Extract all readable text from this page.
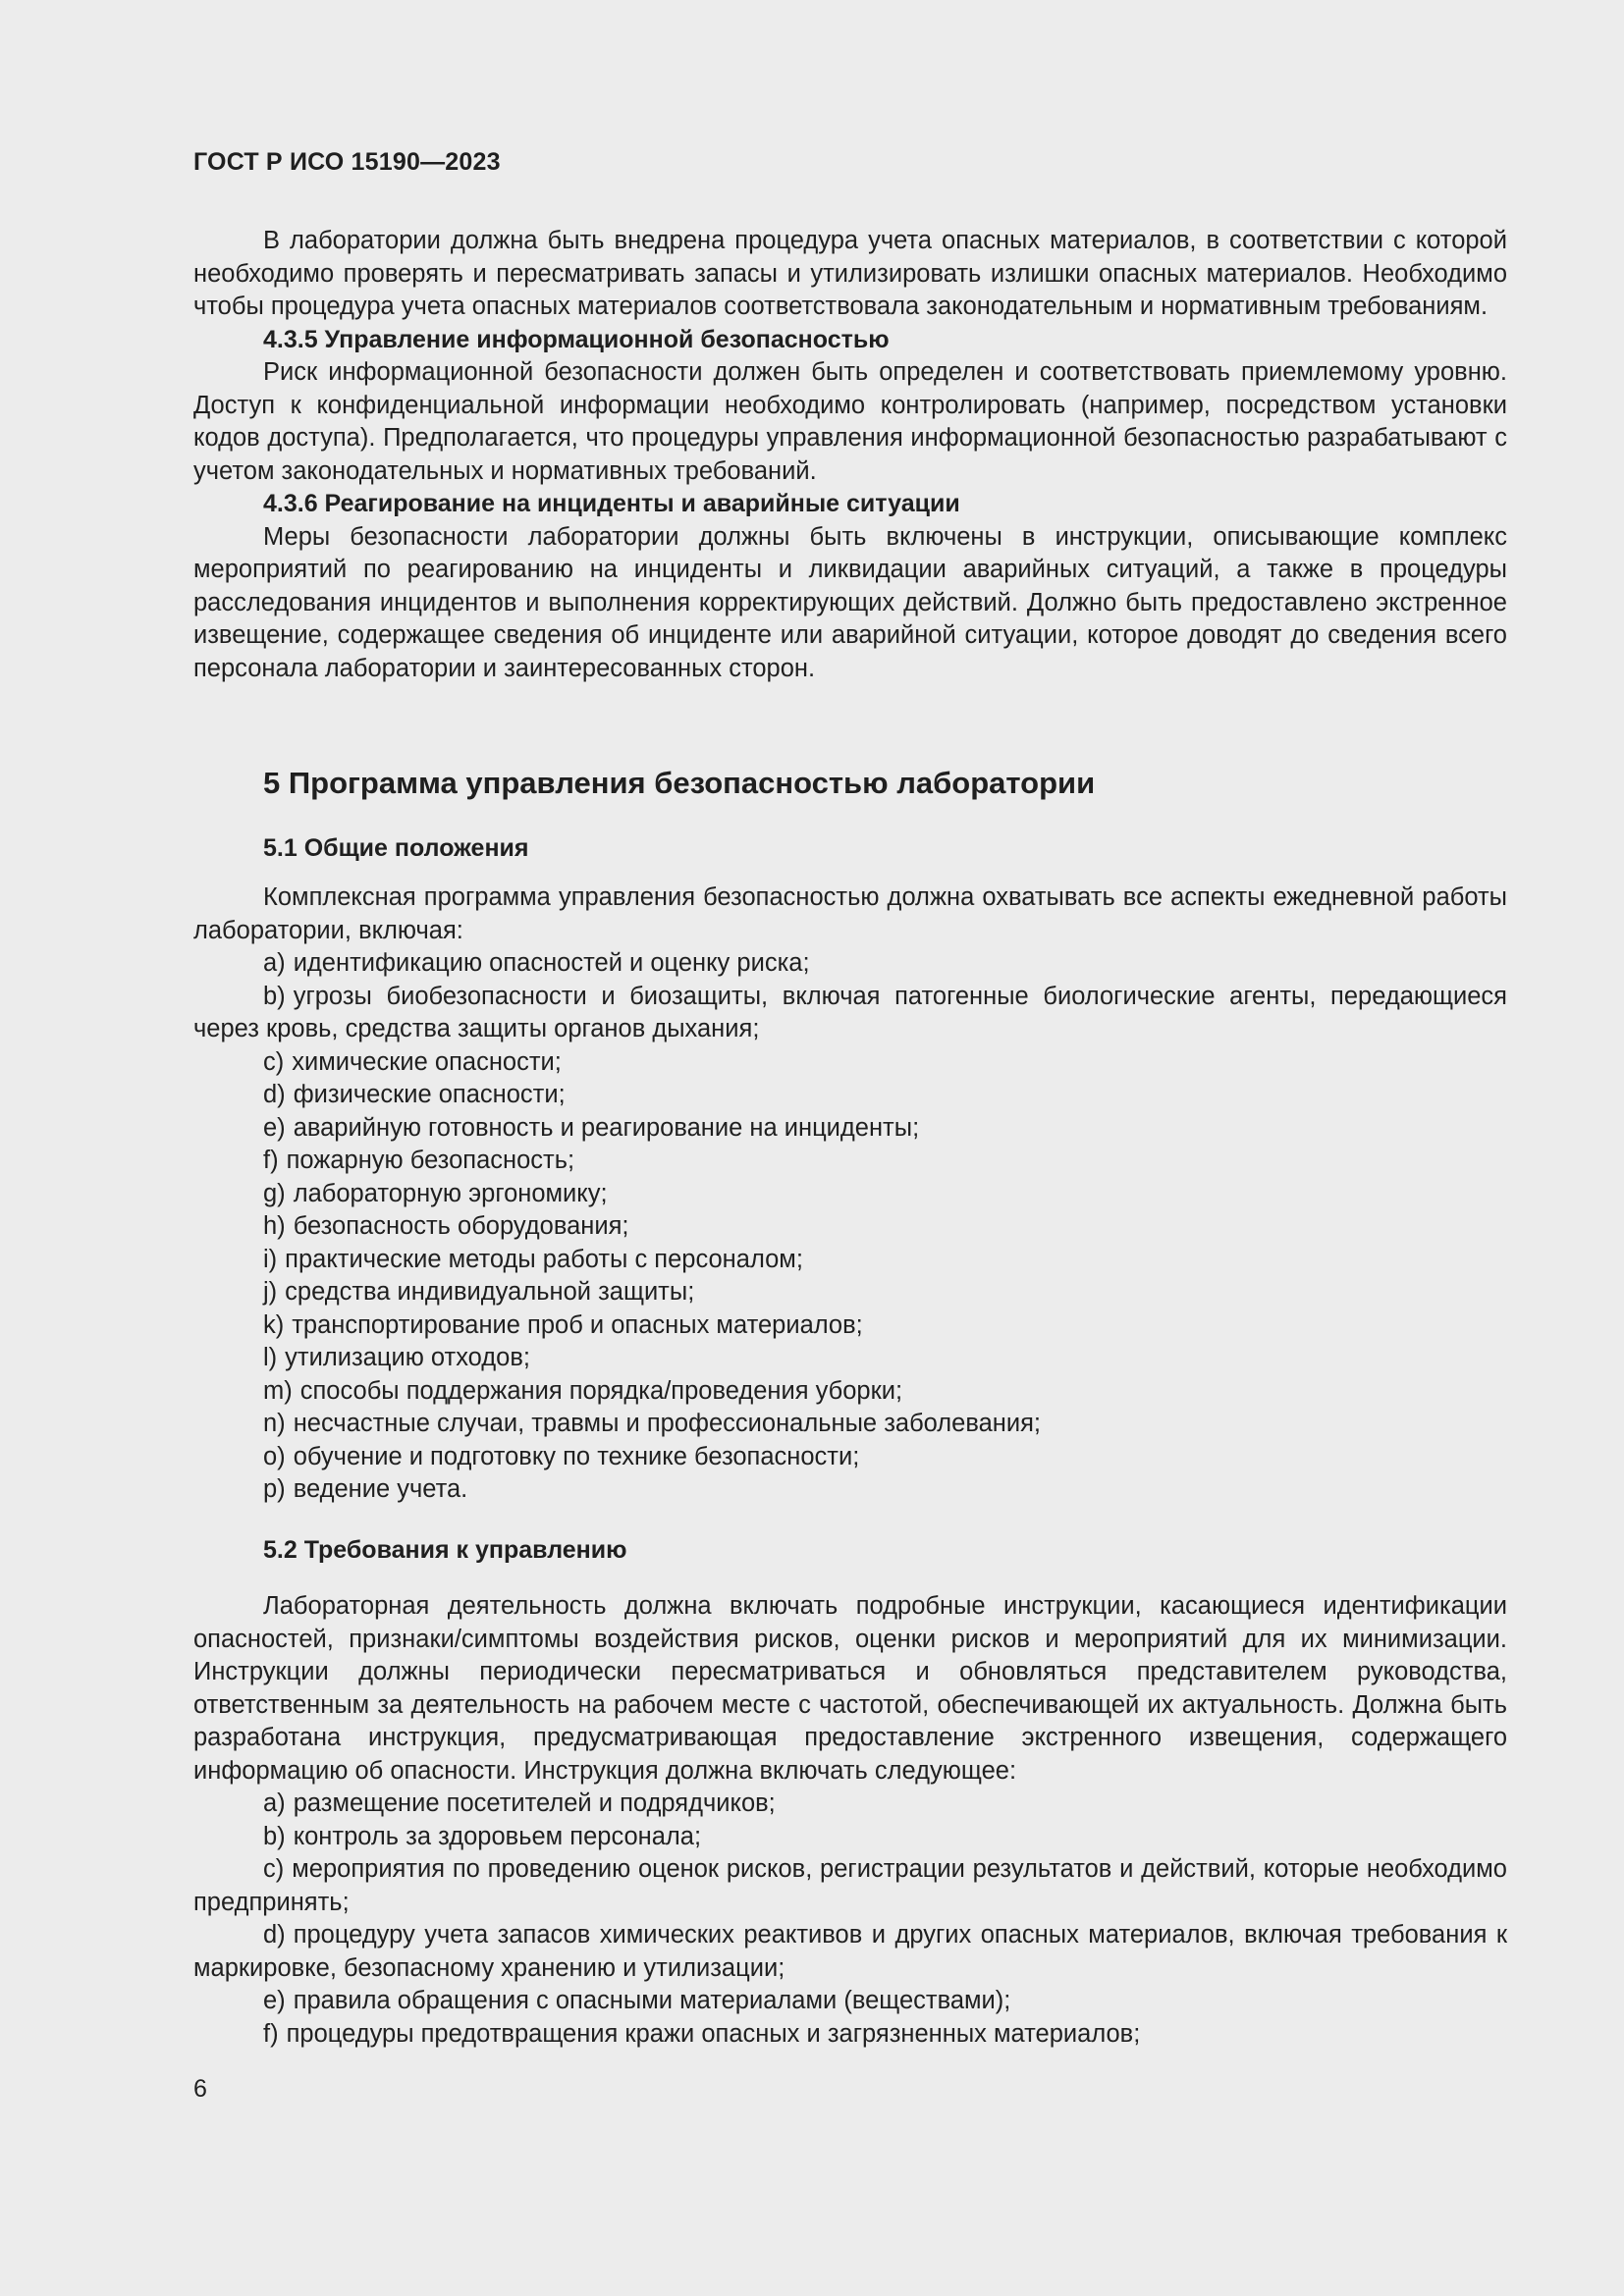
ГОСТ Р ИСО 15190—2023

В лаборатории должна быть внедрена процедура учета опасных материалов, в соответствии с которой необходимо проверять и пересматривать запасы и утилизировать излишки опасных материалов. Необходимо чтобы процедура учета опасных материалов соответствовала законодательным и нормативным требованиям.

4.3.5 Управление информационной безопасностью

Риск информационной безопасности должен быть определен и соответствовать приемлемому уровню. Доступ к конфиденциальной информации необходимо контролировать (например, посредством установки кодов доступа). Предполагается, что процедуры управления информационной безопасностью разрабатывают с учетом законодательных и нормативных требований.

4.3.6 Реагирование на инциденты и аварийные ситуации

Меры безопасности лаборатории должны быть включены в инструкции, описывающие комплекс мероприятий по реагированию на инциденты и ликвидации аварийных ситуаций, а также в процедуры расследования инцидентов и выполнения корректирующих действий. Должно быть предоставлено экстренное извещение, содержащее сведения об инциденте или аварийной ситуации, которое доводят до сведения всего персонала лаборатории и заинтересованных сторон.

5 Программа управления безопасностью лаборатории
5.1 Общие положения

Комплексная программа управления безопасностью должна охватывать все аспекты ежедневной работы лаборатории, включая:

a) идентификацию опасностей и оценку риска;
b) угрозы биобезопасности и биозащиты, включая патогенные биологические агенты, передающиеся через кровь, средства защиты органов дыхания;
c) химические опасности;
d) физические опасности;
e) аварийную готовность и реагирование на инциденты;
f) пожарную безопасность;
g) лабораторную эргономику;
h) безопасность оборудования;
i) практические методы работы с персоналом;
j) средства индивидуальной защиты;
k) транспортирование проб и опасных материалов;
l) утилизацию отходов;
m) способы поддержания порядка/проведения уборки;
n) несчастные случаи, травмы и профессиональные заболевания;
o) обучение и подготовку по технике безопасности;
p) ведение учета.
5.2 Требования к управлению

Лабораторная деятельность должна включать подробные инструкции, касающиеся идентификации опасностей, признаки/симптомы воздействия рисков, оценки рисков и мероприятий для их минимизации. Инструкции должны периодически пересматриваться и обновляться представителем руководства, ответственным за деятельность на рабочем месте с частотой, обеспечивающей их актуальность. Должна быть разработана инструкция, предусматривающая предоставление экстренного извещения, содержащего информацию об опасности. Инструкция должна включать следующее:

a) размещение посетителей и подрядчиков;
b) контроль за здоровьем персонала;
c) мероприятия по проведению оценок рисков, регистрации результатов и действий, которые необходимо предпринять;
d) процедуру учета запасов химических реактивов и других опасных материалов, включая требования к маркировке, безопасному хранению и утилизации;
e) правила обращения с опасными материалами (веществами);
f) процедуры предотвращения кражи опасных и загрязненных материалов;
6
